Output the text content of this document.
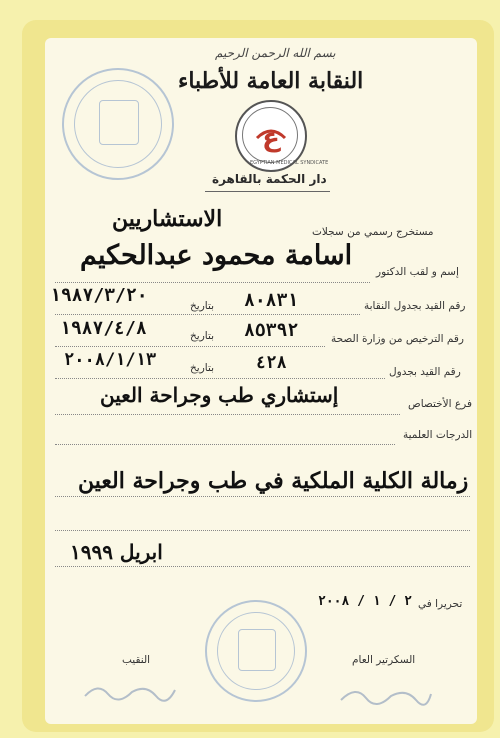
بسم الله الرحمن الرحيم
النقابة العامة للأطباء
ع
EGYPTIAN MEDICAL SYNDICATE
دار الحكمة بالقاهرة
مستخرج رسمي من سجلات
الاستشاريين
إسم و لقب الدكتور
اسامة محمود عبدالحكيم
رقم القيد بجدول النقابة
٨٠٨٣١
بتاريخ
١٩٨٧/٣/٢٠
رقم الترخيص من وزارة الصحة
٨٥٣٩٢
بتاريخ
١٩٨٧/٤/٨
رقم القيد بجدول
٤٢٨
بتاريخ
٢٠٠٨/١/١٣
فرع الأختصاص
إستشاري طب وجراحة العين
الدرجات العلمية
زمالة الكلية الملكية في طب وجراحة العين
ابريل ١٩٩٩
تحريرا في
٢ / ١ / ٢٠٠٨
السكرتير العام
النقيب
